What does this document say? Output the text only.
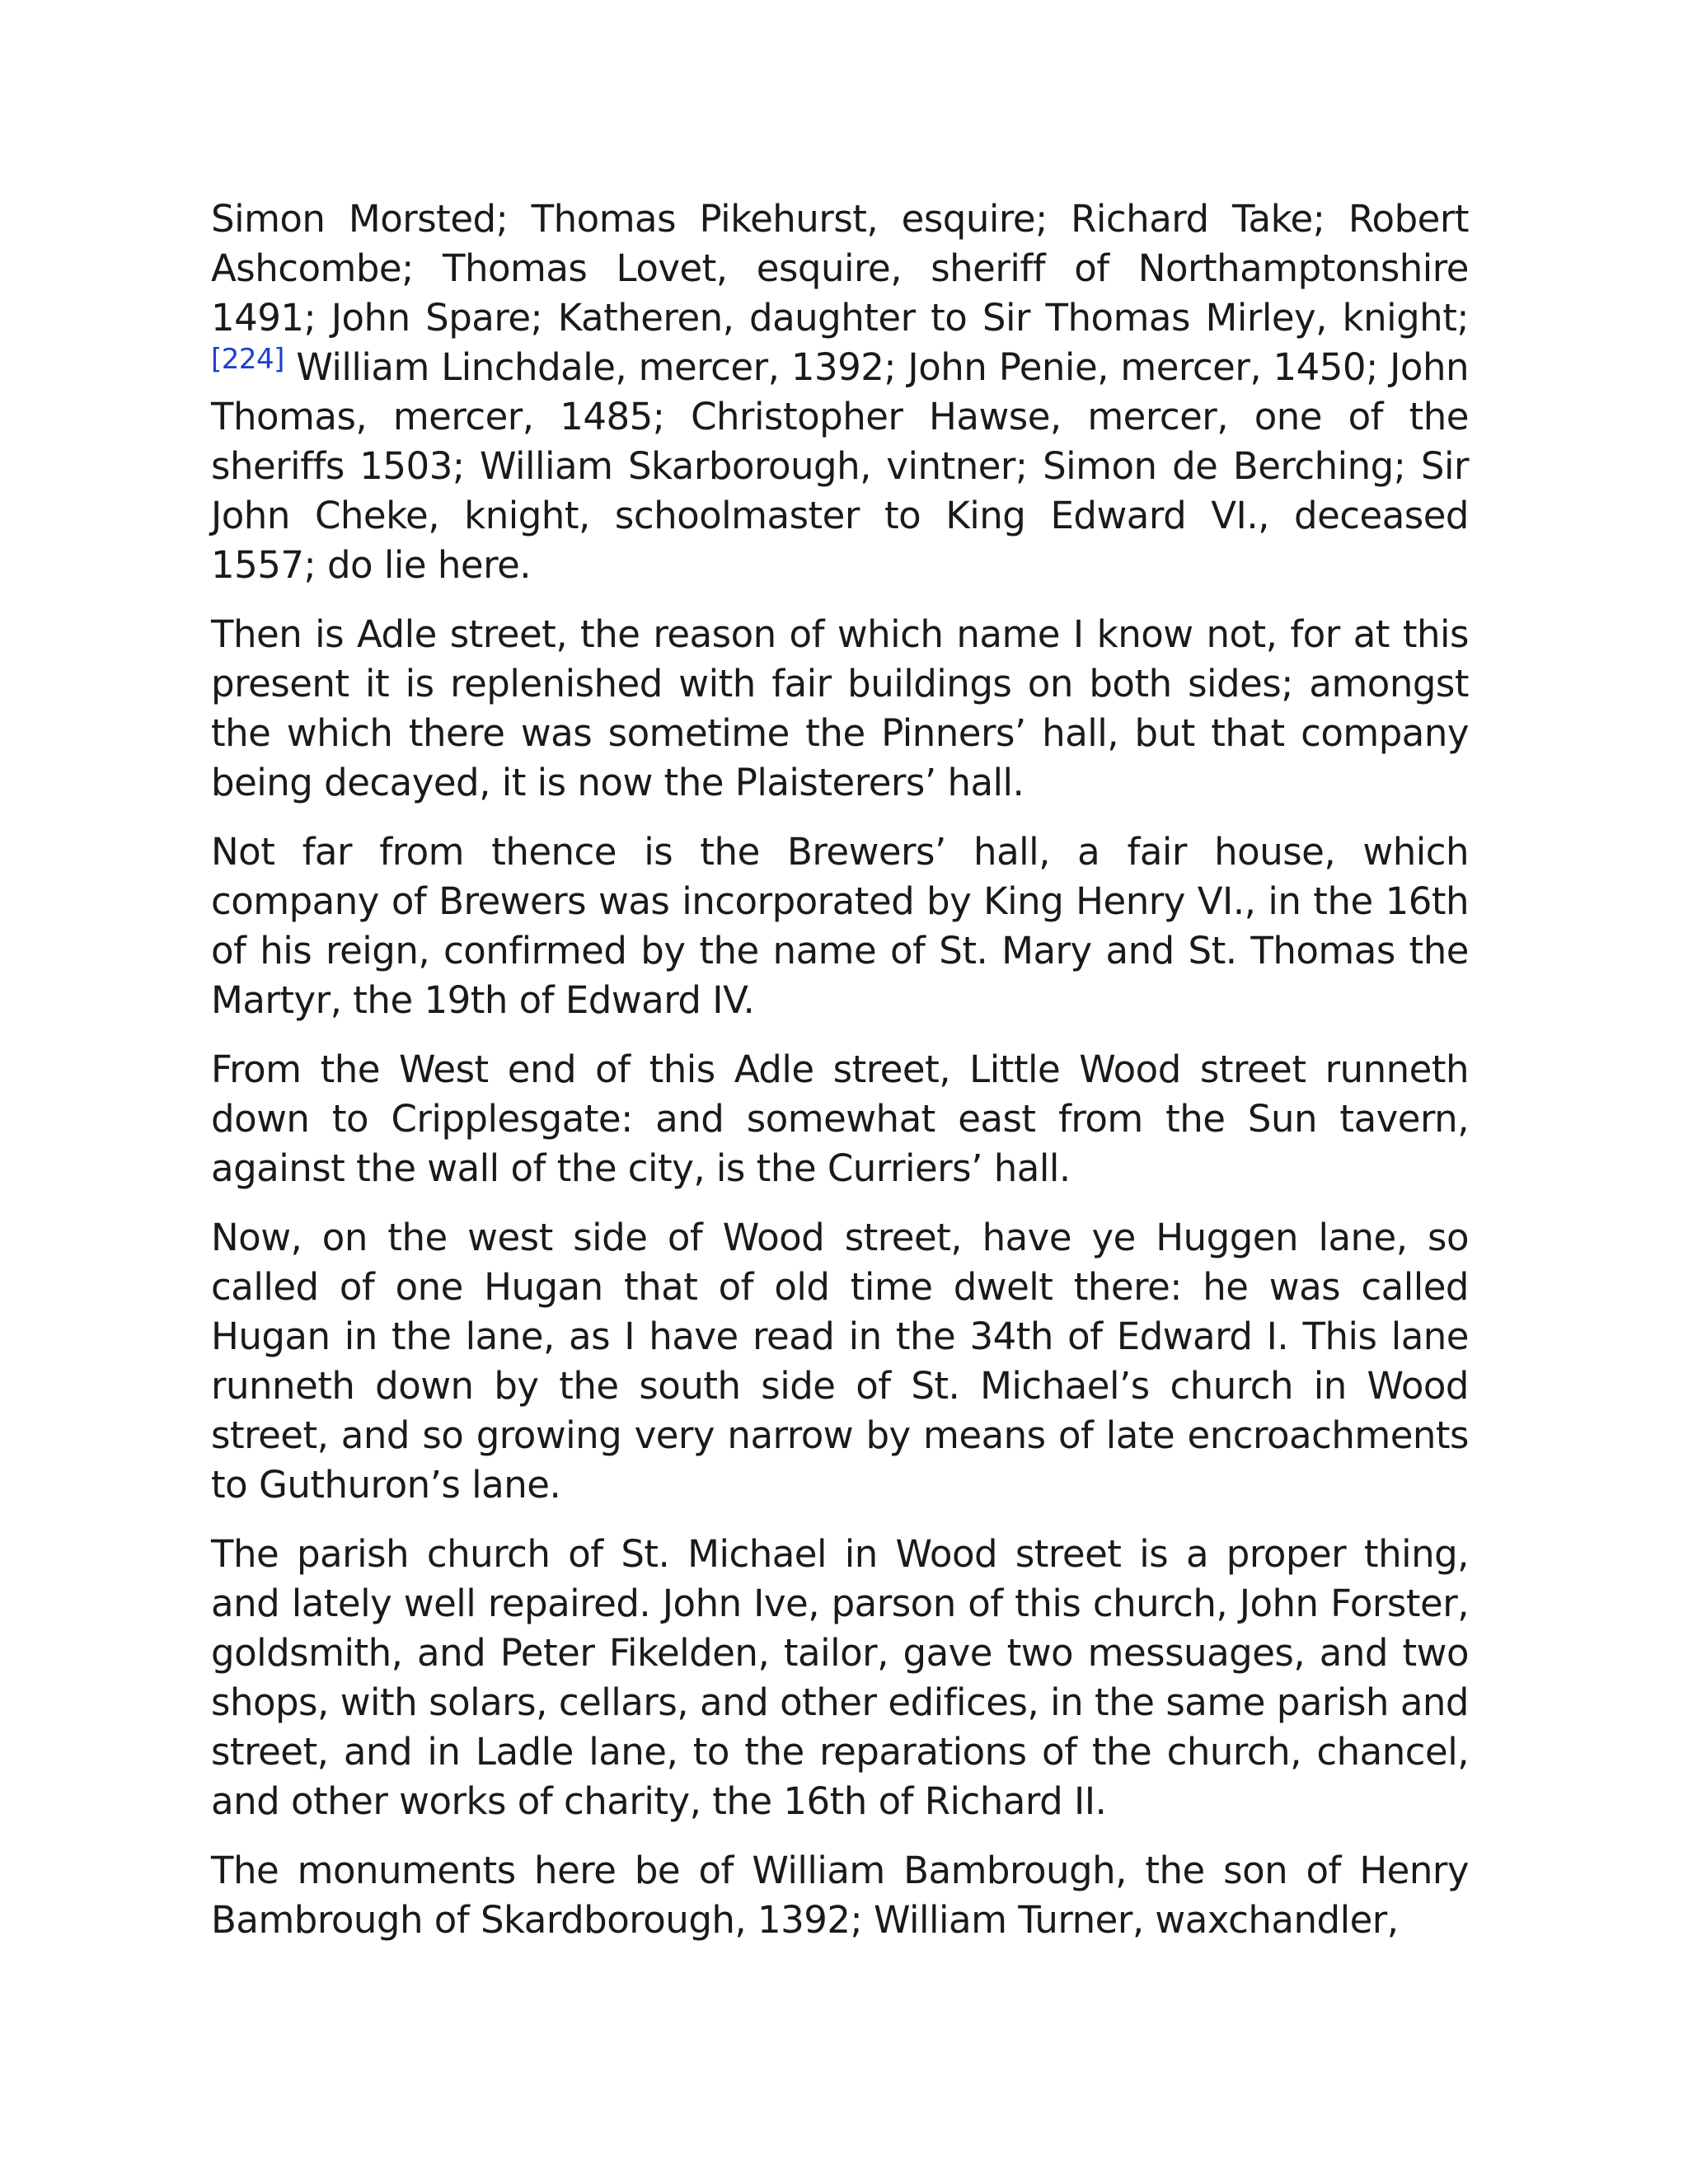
Simon Morsted; Thomas Pikehurst, esquire; Richard Take; Robert Ashcombe; Thomas Lovet, esquire, sheriff of Northamptonshire 1491; John Spare; Katheren, daughter to Sir Thomas Mirley, knight; [224] William Linchdale, mercer, 1392; John Penie, mercer, 1450; John Thomas, mercer, 1485; Christopher Hawse, mercer, one of the sheriffs 1503; William Skarborough, vintner; Simon de Berching; Sir John Cheke, knight, schoolmaster to King Edward VI., deceased 1557; do lie here.

Then is Adle street, the reason of which name I know not, for at this present it is replenished with fair buildings on both sides; amongst the which there was sometime the Pinners’ hall, but that company being decayed, it is now the Plaisterers’ hall.

Not far from thence is the Brewers’ hall, a fair house, which company of Brewers was incorporated by King Henry VI., in the 16th of his reign, confirmed by the name of St. Mary and St. Thomas the Martyr, the 19th of Edward IV.

From the West end of this Adle street, Little Wood street runneth down to Cripplesgate: and somewhat east from the Sun tavern, against the wall of the city, is the Curriers’ hall.

Now, on the west side of Wood street, have ye Huggen lane, so called of one Hugan that of old time dwelt there: he was called Hugan in the lane, as I have read in the 34th of Edward I. This lane runneth down by the south side of St. Michael’s church in Wood street, and so growing very narrow by means of late encroachments to Guthuron’s lane.

The parish church of St. Michael in Wood street is a proper thing, and lately well repaired. John Ive, parson of this church, John Forster, goldsmith, and Peter Fikelden, tailor, gave two messuages, and two shops, with solars, cellars, and other edifices, in the same parish and street, and in Ladle lane, to the reparations of the church, chancel, and other works of charity, the 16th of Richard II.

The monuments here be of William Bambrough, the son of Henry Bambrough of Skardborough, 1392; William Turner, waxchandler,
